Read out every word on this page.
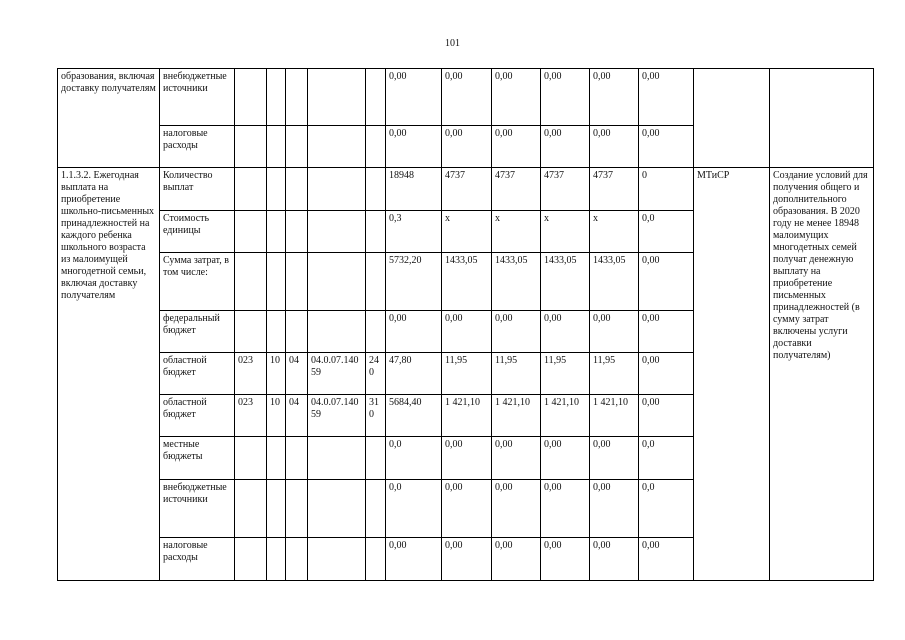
101
образования, включая доставку получателям	внебюджетные источники						0,00	0,00	0,00	0,00	0,00	0,00		
	налоговые расходы						0,00	0,00	0,00	0,00	0,00	0,00		
1.1.3.2. Ежегодная выплата на приобретение школьно-письменных принадлежностей на каждого ребенка школьного возраста из малоимущей многодетной семьи, включая доставку получателям	Количество выплат						18948	4737	4737	4737	4737	0	МТиСР	Создание условий для получения общего и дополнительного образования. В 2020 году не менее 18948 малоимущих многодетных семей получат денежную выплату на приобретение письменных принадлежностей (в сумму затрат включены услуги доставки получателям)
	Стоимость единицы						0,3	х	х	х	х	0,0		
	Сумма затрат, в том числе:						5732,20	1433,05	1433,05	1433,05	1433,05	0,00		
	федеральный бюджет						0,00	0,00	0,00	0,00	0,00	0,00		
	областной бюджет	023	10	04	04.0.07.14059	240	47,80	11,95	11,95	11,95	11,95	0,00		
	областной бюджет	023	10	04	04.0.07.14059	310	5684,40	1 421,10	1 421,10	1 421,10	1 421,10	0,00		
	местные бюджеты						0,0	0,00	0,00	0,00	0,00	0,0		
	внебюджетные источники						0,0	0,00	0,00	0,00	0,00	0,0		
	налоговые расходы						0,00	0,00	0,00	0,00	0,00	0,00		
